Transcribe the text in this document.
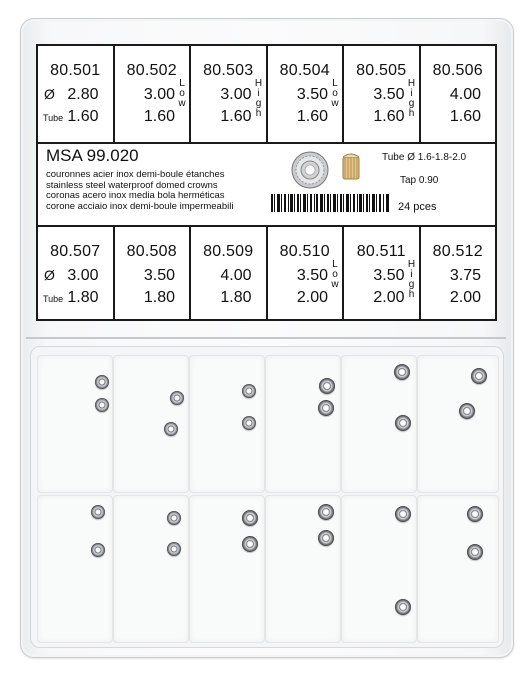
80.501
Ø 2.80
Tube 1.60
80.502
3.00
1.60
L
o
w
80.503
3.00
1.60
H
i
g
h
80.504
3.50
1.60
L
o
w
80.505
3.50
1.60
H
i
g
h
80.506
4.00
1.60
MSA 99.020
couronnes acier inox demi-boule étanches
stainless steel waterproof domed crowns
coronas acero inox media bola herméticas
corone acciaio inox demi-boule impermeabili
Tube Ø 1.6-1.8-2.0
Tap 0.90
24 pces
80.507
Ø 3.00
Tube 1.80
80.508
3.50
1.80
80.509
4.00
1.80
80.510
3.50
2.00
L
o
w
80.511
3.50
2.00
H
i
g
h
80.512
3.75
2.00
